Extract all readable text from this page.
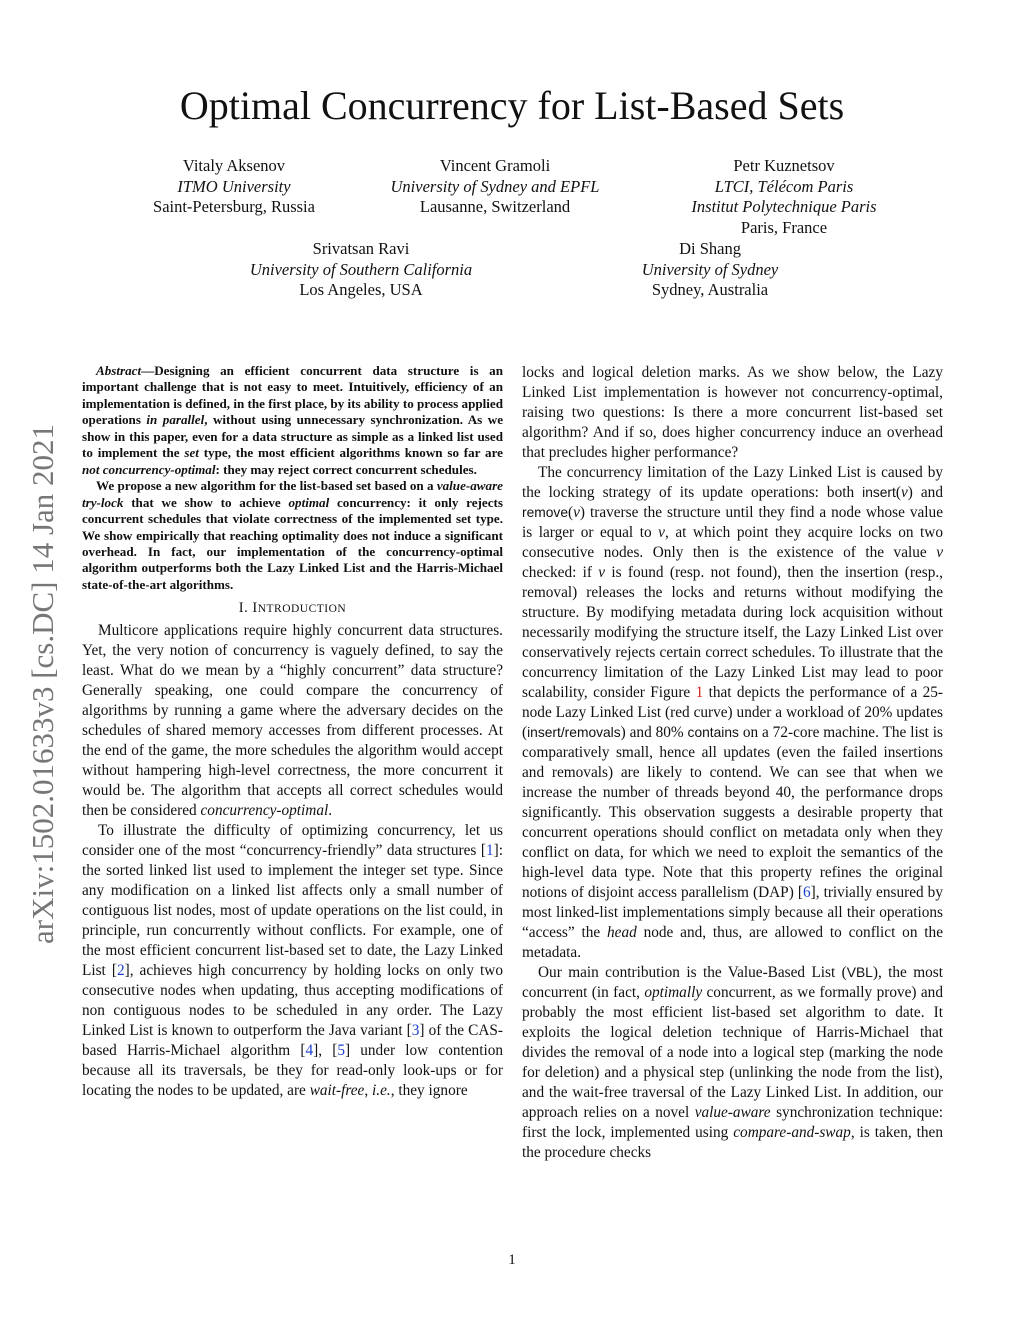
Optimal Concurrency for List-Based Sets
arXiv:1502.01633v3 [cs.DC] 14 Jan 2021
Vitaly Aksenov
ITMO University
Saint-Petersburg, Russia
Vincent Gramoli
University of Sydney and EPFL
Lausanne, Switzerland
Petr Kuznetsov
LTCI, Télécom Paris
Institut Polytechnique Paris
Paris, France
Srivatsan Ravi
University of Southern California
Los Angeles, USA
Di Shang
University of Sydney
Sydney, Australia

Abstract—Designing an efficient concurrent data structure is an important challenge that is not easy to meet. Intuitively, efficiency of an implementation is defined, in the first place, by its ability to process applied operations in parallel, without using unnecessary synchronization. As we show in this paper, even for a data structure as simple as a linked list used to implement the set type, the most efficient algorithms known so far are not concurrency-optimal: they may reject correct concurrent schedules.

We propose a new algorithm for the list-based set based on a value-aware try-lock that we show to achieve optimal concurrency: it only rejects concurrent schedules that violate correctness of the implemented set type. We show empirically that reaching optimality does not induce a significant overhead. In fact, our implementation of the concurrency-optimal algorithm outperforms both the Lazy Linked List and the Harris-Michael state-of-the-art algorithms.

I. INTRODUCTION

Multicore applications require highly concurrent data structures. Yet, the very notion of concurrency is vaguely defined, to say the least. What do we mean by a “highly concurrent” data structure? Generally speaking, one could compare the concurrency of algorithms by running a game where the adversary decides on the schedules of shared memory accesses from different processes. At the end of the game, the more schedules the algorithm would accept without hampering high-level correctness, the more concurrent it would be. The algorithm that accepts all correct schedules would then be considered concurrency-optimal.

To illustrate the difficulty of optimizing concurrency, let us consider one of the most “concurrency-friendly” data structures [1]: the sorted linked list used to implement the integer set type. Since any modification on a linked list affects only a small number of contiguous list nodes, most of update operations on the list could, in principle, run concurrently without conflicts. For example, one of the most efficient concurrent list-based set to date, the Lazy Linked List [2], achieves high concurrency by holding locks on only two consecutive nodes when updating, thus accepting modifications of non contiguous nodes to be scheduled in any order. The Lazy Linked List is known to outperform the Java variant [3] of the CAS-based Harris-Michael algorithm [4], [5] under low contention because all its traversals, be they for read-only look-ups or for locating the nodes to be updated, are wait-free, i.e., they ignore

locks and logical deletion marks. As we show below, the Lazy Linked List implementation is however not concurrency-optimal, raising two questions: Is there a more concurrent list-based set algorithm? And if so, does higher concurrency induce an overhead that precludes higher performance?

The concurrency limitation of the Lazy Linked List is caused by the locking strategy of its update operations: both insert(v) and remove(v) traverse the structure until they find a node whose value is larger or equal to v, at which point they acquire locks on two consecutive nodes. Only then is the existence of the value v checked: if v is found (resp. not found), then the insertion (resp., removal) releases the locks and returns without modifying the structure. By modifying metadata during lock acquisition without necessarily modifying the structure itself, the Lazy Linked List over conservatively rejects certain correct schedules. To illustrate that the concurrency limitation of the Lazy Linked List may lead to poor scalability, consider Figure 1 that depicts the performance of a 25-node Lazy Linked List (red curve) under a workload of 20% updates (insert/removals) and 80% contains on a 72-core machine. The list is comparatively small, hence all updates (even the failed insertions and removals) are likely to contend. We can see that when we increase the number of threads beyond 40, the performance drops significantly. This observation suggests a desirable property that concurrent operations should conflict on metadata only when they conflict on data, for which we need to exploit the semantics of the high-level data type. Note that this property refines the original notions of disjoint access parallelism (DAP) [6], trivially ensured by most linked-list implementations simply because all their operations “access” the head node and, thus, are allowed to conflict on the metadata.

Our main contribution is the Value-Based List (VBL), the most concurrent (in fact, optimally concurrent, as we formally prove) and probably the most efficient list-based set algorithm to date. It exploits the logical deletion technique of Harris-Michael that divides the removal of a node into a logical step (marking the node for deletion) and a physical step (unlinking the node from the list), and the wait-free traversal of the Lazy Linked List. In addition, our approach relies on a novel value-aware synchronization technique: first the lock, implemented using compare-and-swap, is taken, then the procedure checks

1
